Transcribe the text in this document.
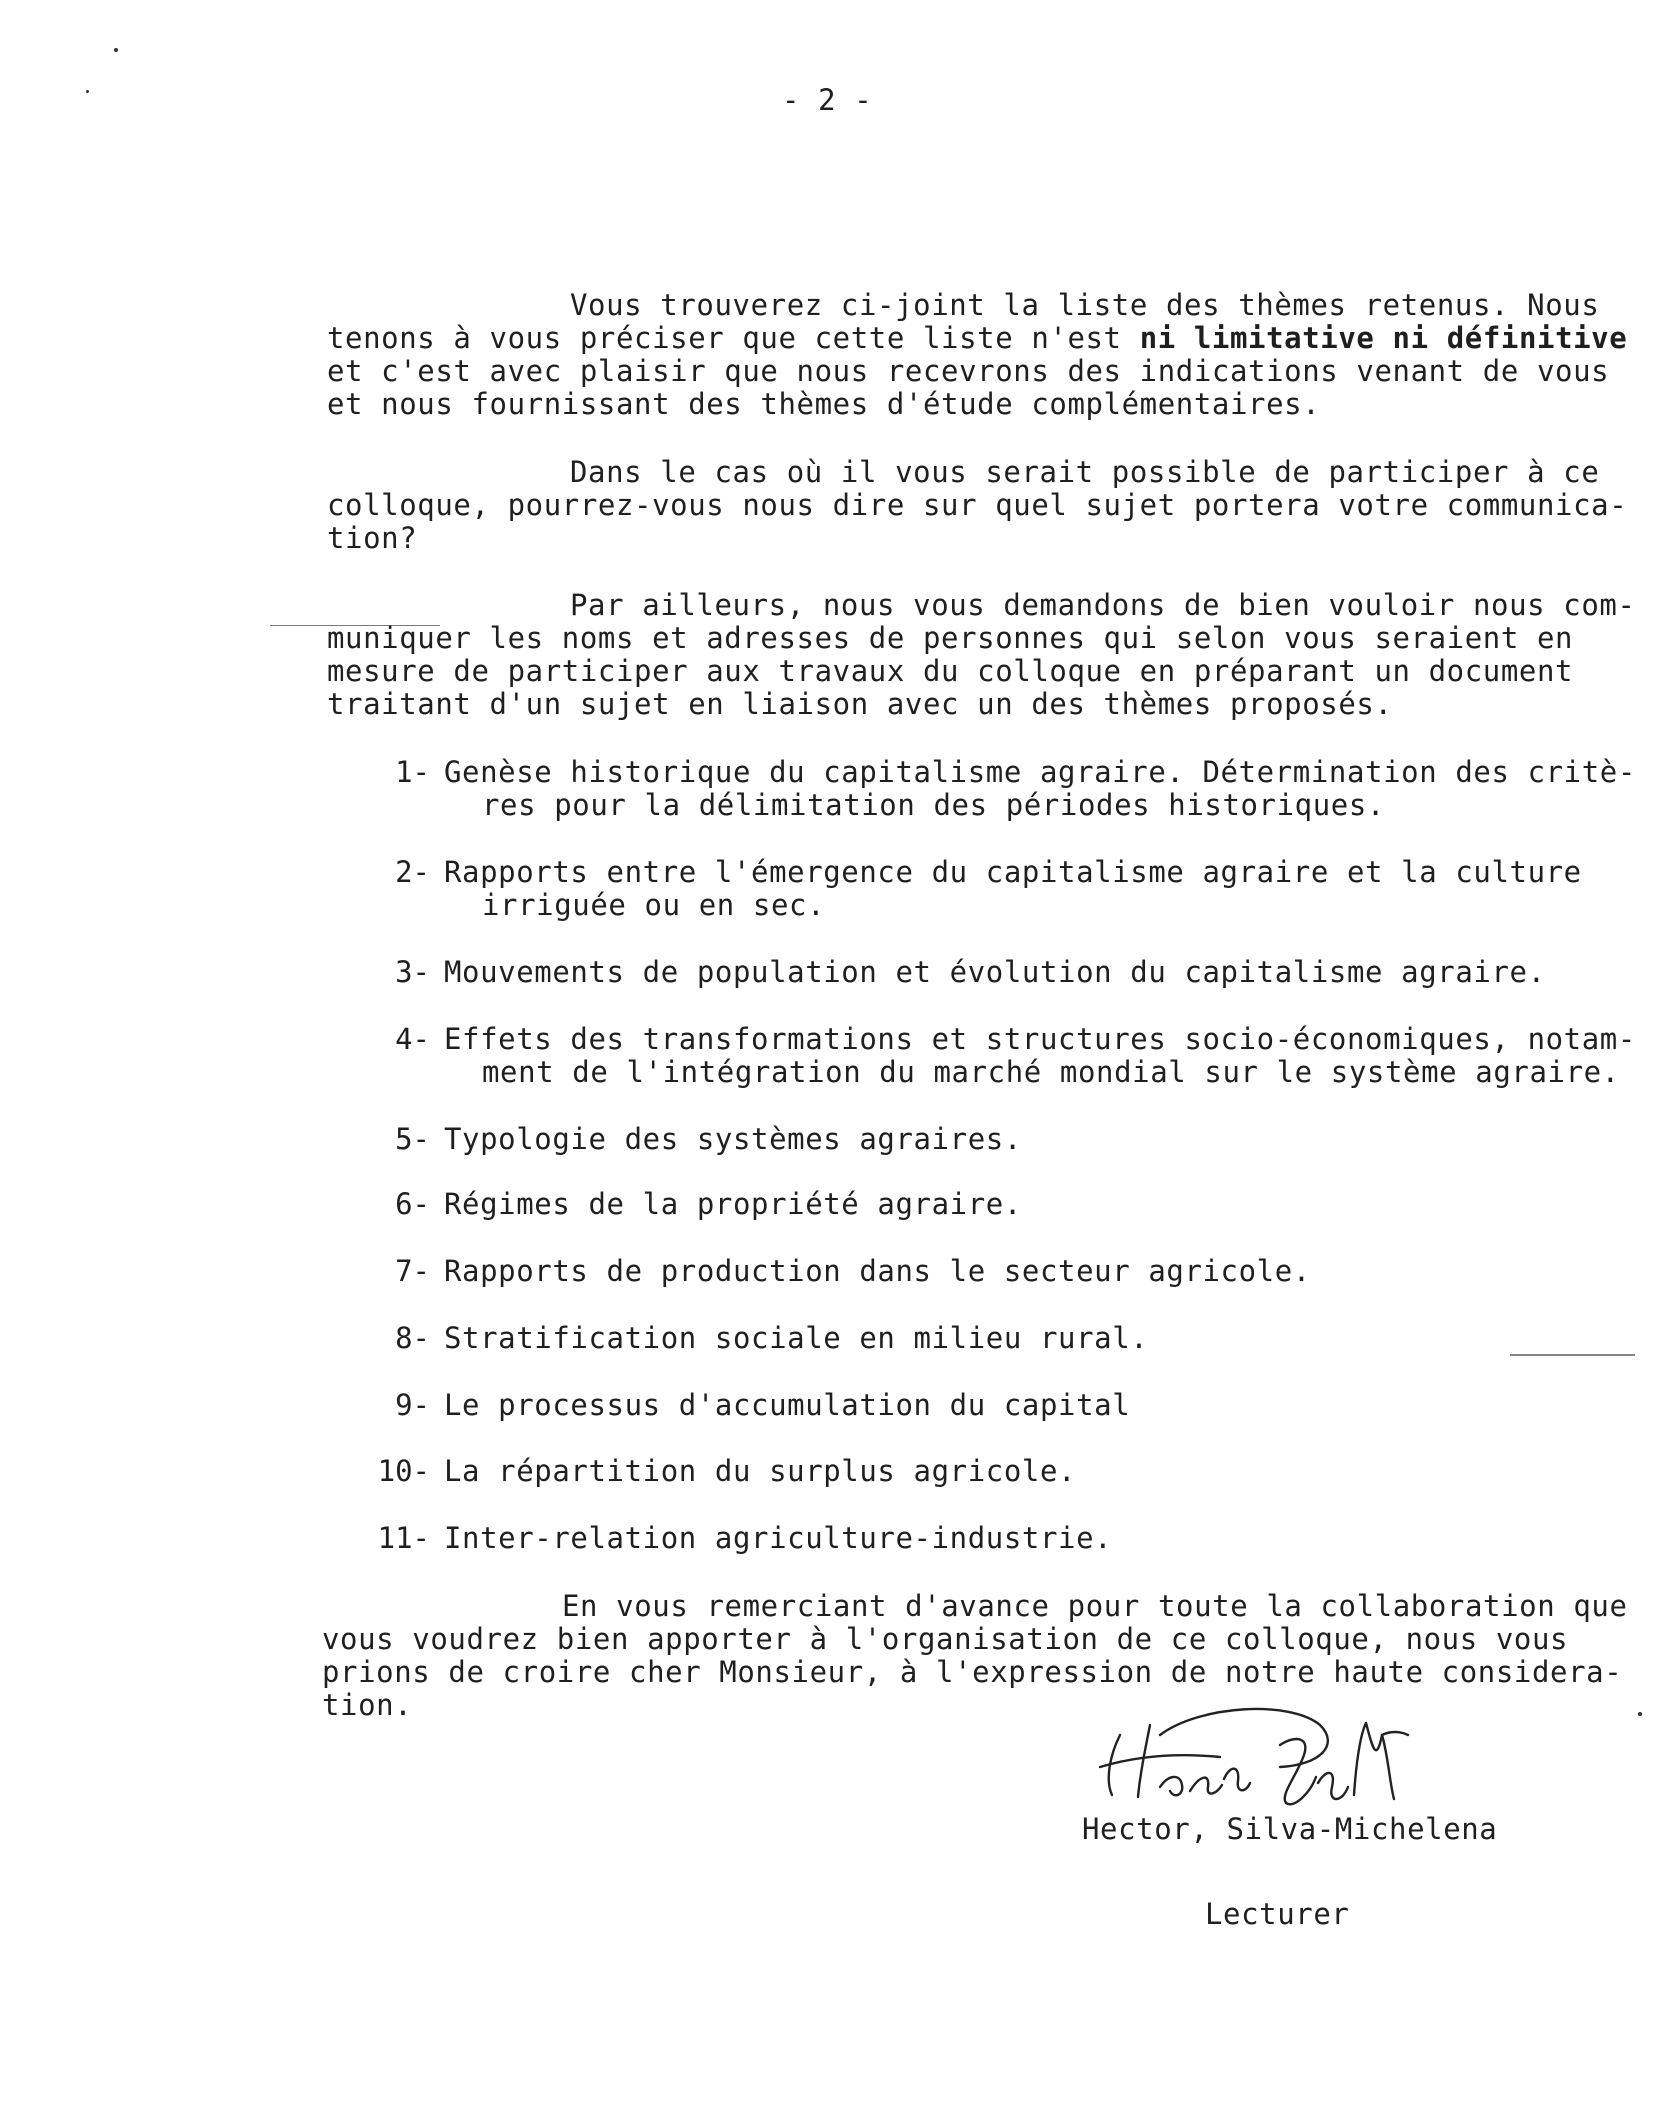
- 2 -
Vous trouverez ci-joint la liste des thèmes retenus. Nous
tenons à vous préciser que cette liste n'est ni limitative ni définitive
et c'est avec plaisir que nous recevrons des indications venant de vous
et nous fournissant des thèmes d'étude complémentaires.
Dans le cas où il vous serait possible de participer à ce
colloque, pourrez-vous nous dire sur quel sujet portera votre communica-
tion?
Par ailleurs, nous vous demandons de bien vouloir nous com-
muniquer les noms et adresses de personnes qui selon vous seraient en
mesure de participer aux travaux du colloque en préparant un document
traitant d'un sujet en liaison avec un des thèmes proposés.
1- Genèse historique du capitalisme agraire. Détermination des critè-
res pour la délimitation des périodes historiques.
2- Rapports entre l'émergence du capitalisme agraire et la culture
irriguée ou en sec.
3- Mouvements de population et évolution du capitalisme agraire.
4- Effets des transformations et structures socio-économiques, notam-
ment de l'intégration du marché mondial sur le système agraire.
5- Typologie des systèmes agraires.
6- Régimes de la propriété agraire.
7- Rapports de production dans le secteur agricole.
8- Stratification sociale en milieu rural.
9- Le processus d'accumulation du capital
10- La répartition du surplus agricole.
11- Inter-relation agriculture-industrie.
En vous remerciant d'avance pour toute la collaboration que
vous voudrez bien apporter à l'organisation de ce colloque, nous vous
prions de croire cher Monsieur, à l'expression de notre haute considera-
tion.
Hector, Silva-Michelena
Lecturer
